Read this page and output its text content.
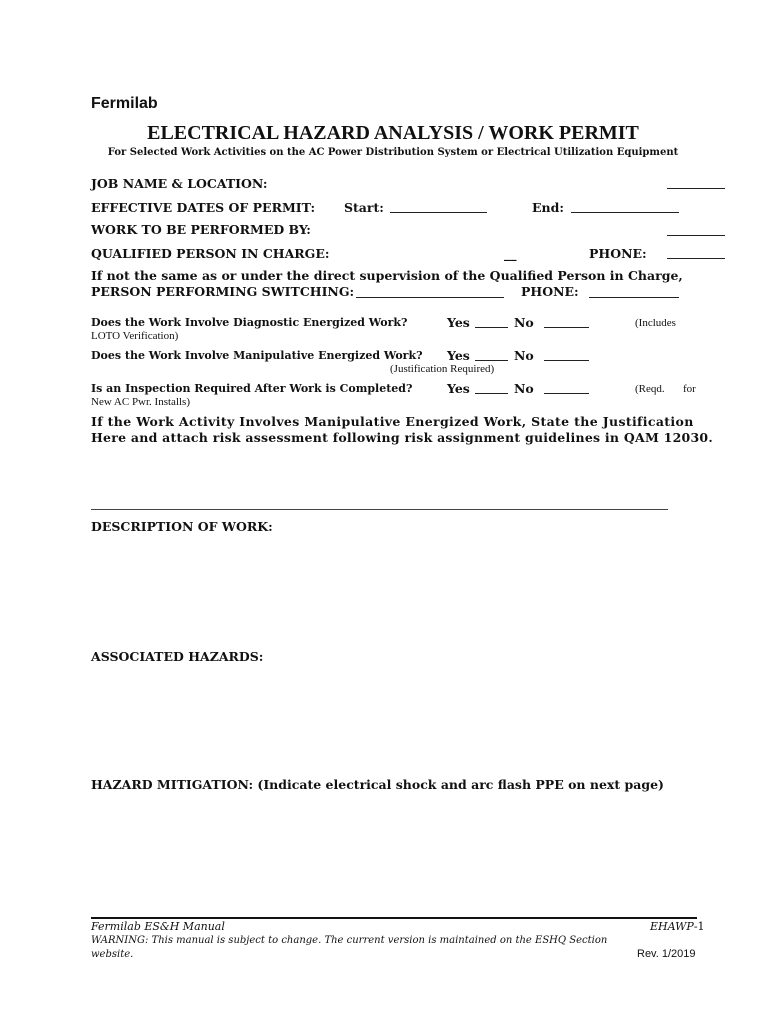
Fermilab
ELECTRICAL HAZARD ANALYSIS / WORK PERMIT
For Selected Work Activities on the AC Power Distribution System or Electrical Utilization Equipment
JOB NAME & LOCATION:
EFFECTIVE DATES OF PERMIT: Start:	End:
WORK TO BE PERFORMED BY:
QUALIFIED PERSON IN CHARGE:	__	PHONE:
If not the same as or under the direct supervision of the Qualified Person in Charge,
PERSON PERFORMING SWITCHING:	PHONE:
Does the Work Involve Diagnostic Energized Work?	Yes	No	(Includes
LOTO Verification)
Does the Work Involve Manipulative Energized Work? Yes	No
(Justification Required)
Is an Inspection Required After Work is Completed?	Yes	No	(Reqd. for
New AC Pwr. Installs)
If the Work Activity Involves Manipulative Energized Work, State the Justification
Here and attach risk assessment following risk assignment guidelines in QAM 12030.
DESCRIPTION OF WORK:
ASSOCIATED HAZARDS:
HAZARD MITIGATION: (Indicate electrical shock and arc flash PPE on next page)
Fermilab ES&H Manual	EHAWP-1
WARNING: This manual is subject to change. The current version is maintained on the ESHQ Section
website.	Rev. 1/2019
